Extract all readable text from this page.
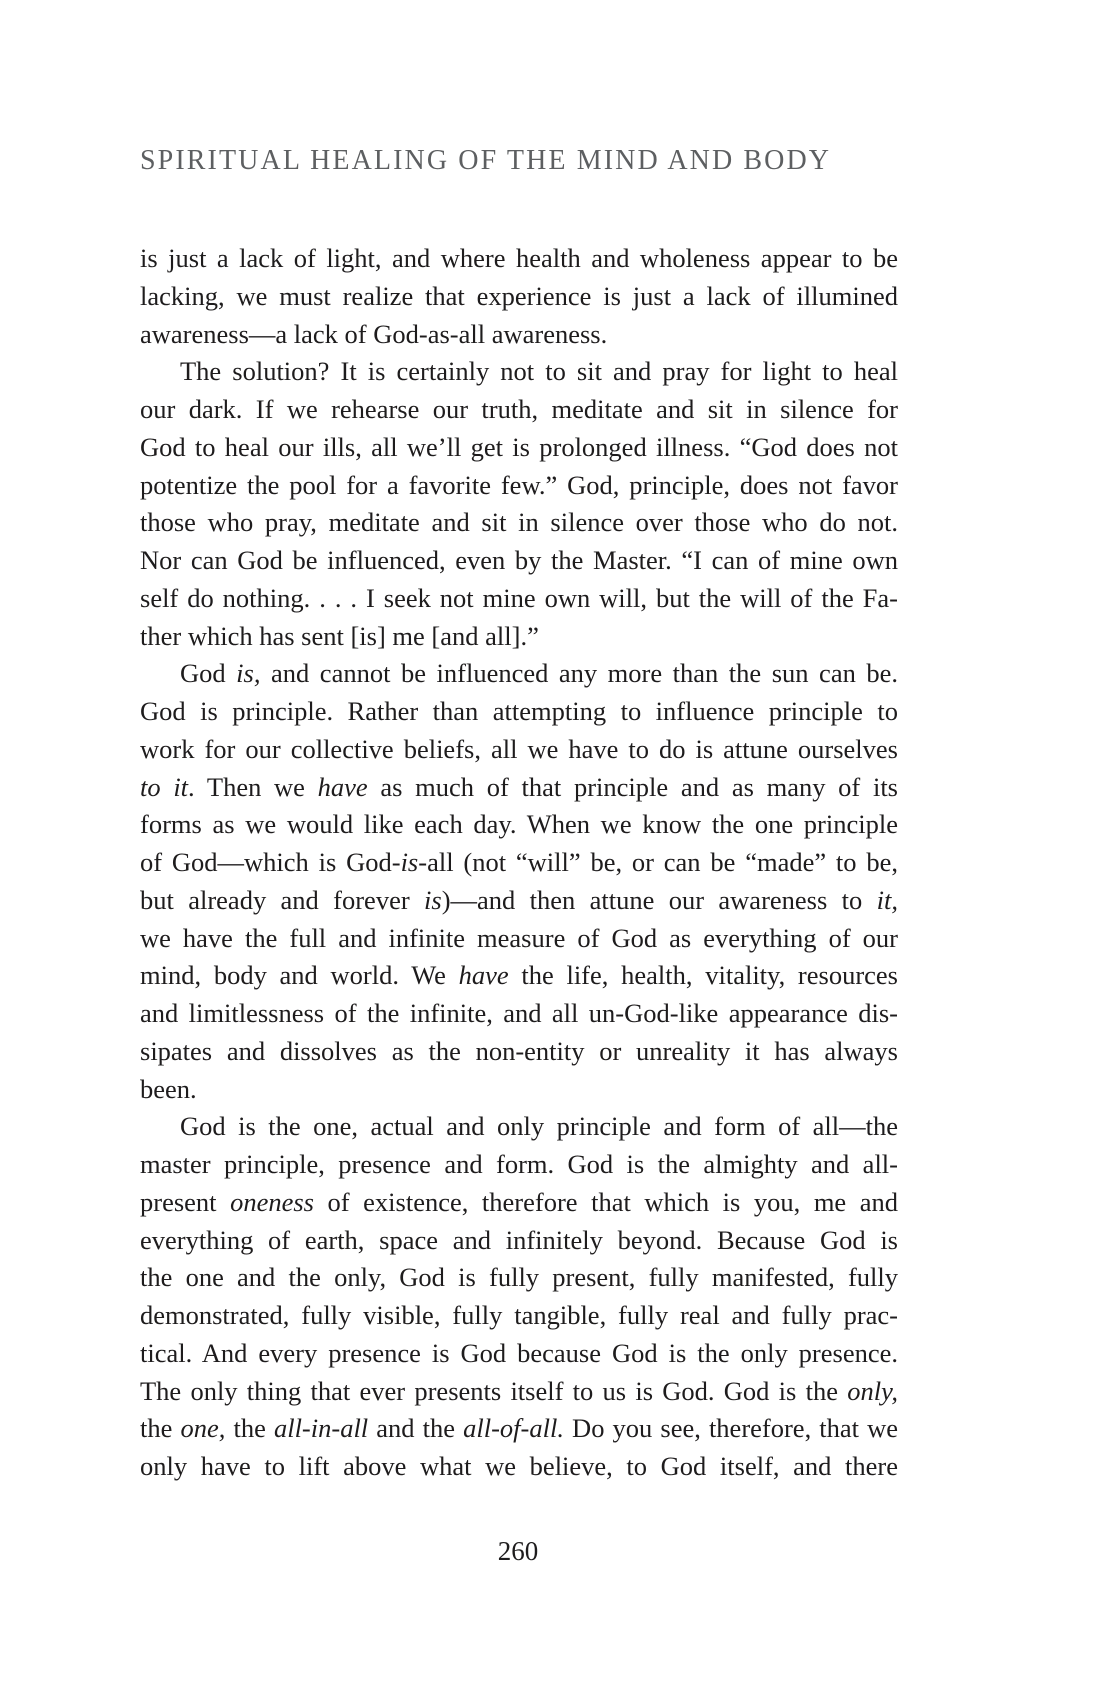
SPIRITUAL HEALING OF THE MIND AND BODY
is just a lack of light, and where health and wholeness appear to be
lacking, we must realize that experience is just a lack of illumined
awareness—a lack of God-as-all awareness.
The solution? It is certainly not to sit and pray for light to heal
our dark. If we rehearse our truth, meditate and sit in silence for
God to heal our ills, all we’ll get is prolonged illness. “God does not
potentize the pool for a favorite few.” God, principle, does not favor
those who pray, meditate and sit in silence over those who do not.
Nor can God be influenced, even by the Master. “I can of mine own
self do nothing. . . . I seek not mine own will, but the will of the Fa-
ther which has sent [is] me [and all].”
God is, and cannot be influenced any more than the sun can be.
God is principle. Rather than attempting to influence principle to
work for our collective beliefs, all we have to do is attune ourselves
to it. Then we have as much of that principle and as many of its
forms as we would like each day. When we know the one principle
of God—which is God-is-all (not “will” be, or can be “made” to be,
but already and forever is)—and then attune our awareness to it,
we have the full and infinite measure of God as everything of our
mind, body and world. We have the life, health, vitality, resources
and limitlessness of the infinite, and all un-God-like appearance dis-
sipates and dissolves as the non-entity or unreality it has always
been.
God is the one, actual and only principle and form of all—the
master principle, presence and form. God is the almighty and all-
present oneness of existence, therefore that which is you, me and
everything of earth, space and infinitely beyond. Because God is
the one and the only, God is fully present, fully manifested, fully
demonstrated, fully visible, fully tangible, fully real and fully prac-
tical. And every presence is God because God is the only presence.
The only thing that ever presents itself to us is God. God is the only,
the one, the all-in-all and the all-of-all. Do you see, therefore, that we
only have to lift above what we believe, to God itself, and there
260
